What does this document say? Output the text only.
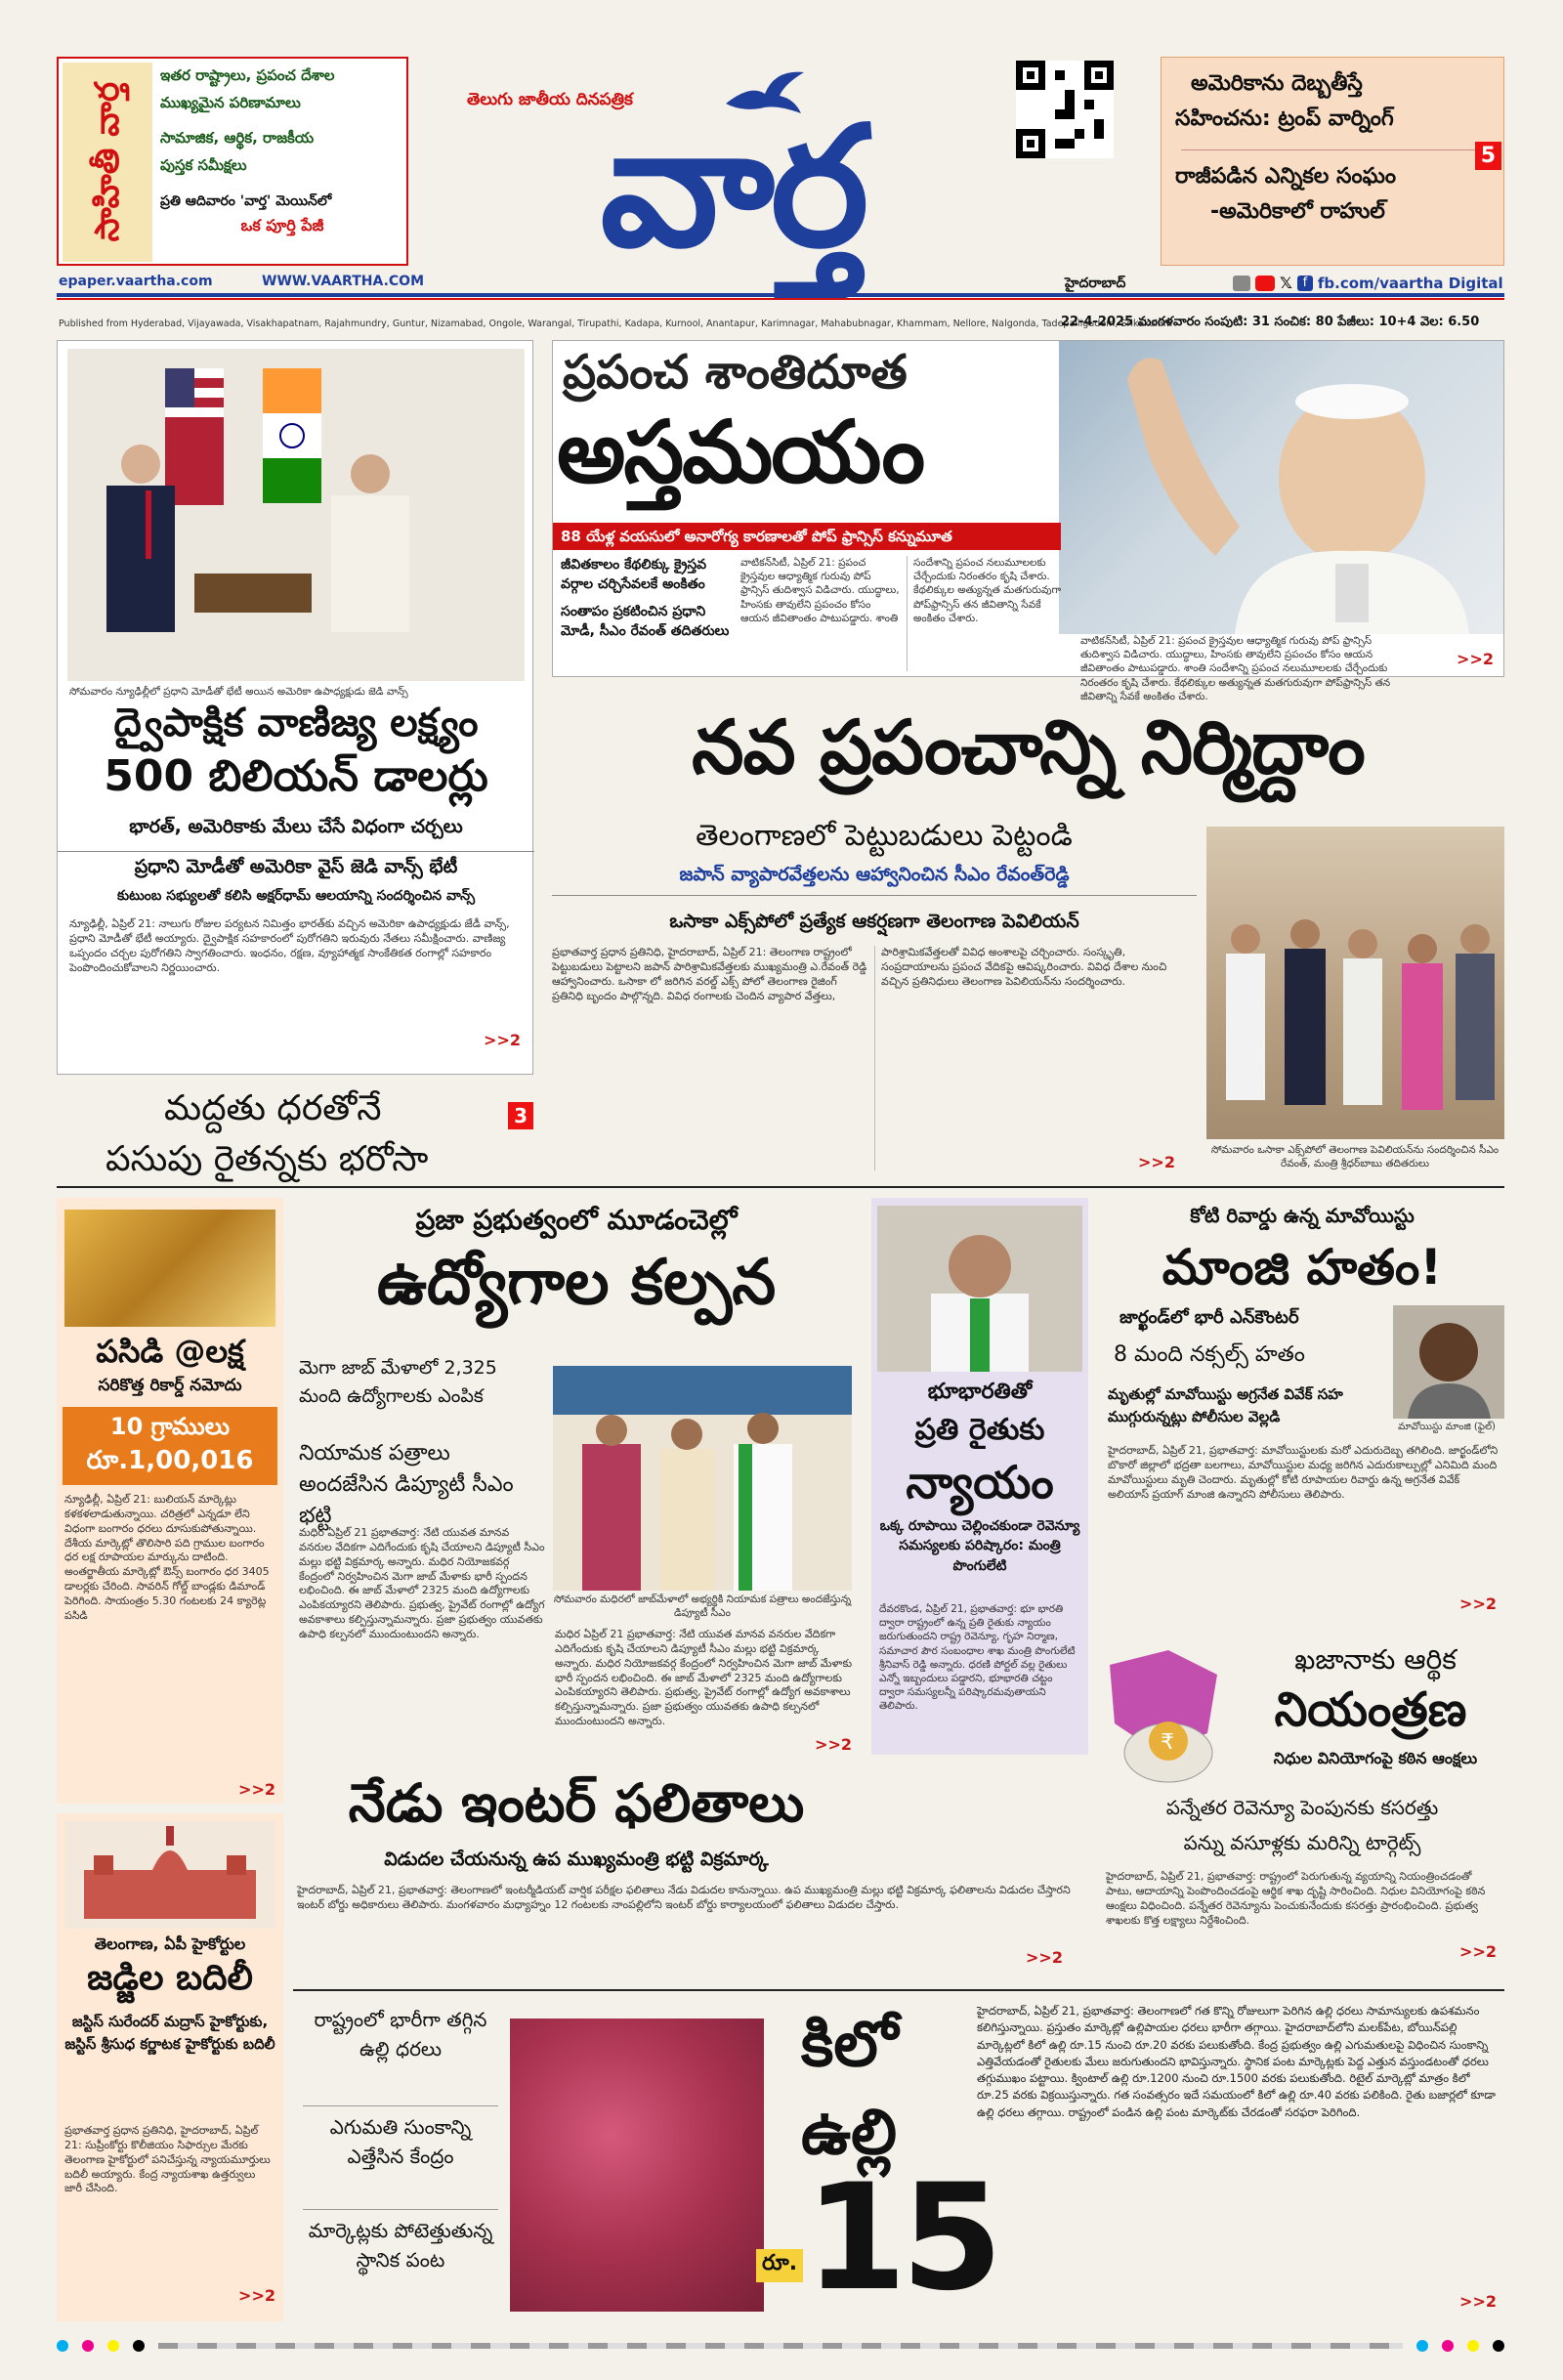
సాహితీ వార్త
ఇతర రాష్ట్రాలు, ప్రపంచ దేశాల
ముఖ్యమైన పరిణామాలు
సామాజిక, ఆర్థిక, రాజకీయ
పుస్తక సమీక్షలు
ప్రతి ఆదివారం 'వార్త' మెయిన్‌లో
ఒక పూర్తి పేజీ
epaper.vaartha.com	WWW.VAARTHA.COM
తెలుగు జాతీయ దినపత్రిక
వార్త
అమెరికాను దెబ్బతీస్తే
సహించను: ట్రంప్ వార్నింగ్
రాజీపడిన ఎన్నికల సంఘం
-అమెరికాలో రాహుల్
5
హైదరాబాద్	𝕏 f fb.com/vaartha Digital
Published from Hyderabad, Vijayawada, Visakhapatnam, Rajahmundry, Guntur, Nizamabad, Ongole, Warangal, Tirupathi, Kadapa, Kurnool, Anantapur, Karimnagar, Mahabubnagar, Khammam, Nellore, Nalgonda, Tadepalligudem, Srikakulam
22-4-2025 మంగళవారం సంపుటి: 31 సంచిక: 80 పేజీలు: 10+4 వెల: 6.50
ప్రపంచ శాంతిదూత
అస్తమయం
88 యేళ్ల వయసులో అనారోగ్య కారణాలతో పోప్ ఫ్రాన్సిస్ కన్నుమూత
జీవితకాలం కేథలిక్కు క్రైస్తవ వర్గాల చర్చిసేవలకే అంకితం
సంతాపం ప్రకటించిన ప్రధాని మోడీ, సీఎం రేవంత్ తదితరులు
వాటికన్‌సిటీ, ఏప్రిల్ 21: ప్రపంచ క్రైస్తవుల ఆధ్యాత్మిక గురువు పోప్ ఫ్రాన్సిస్ తుదిశ్వాస విడిచారు. యుద్ధాలు, హింసకు తావులేని ప్రపంచం కోసం ఆయన జీవితాంతం పాటుపడ్డారు. శాంతి సందేశాన్ని ప్రపంచ నలుమూలలకు చేర్చేందుకు నిరంతరం కృషి చేశారు. కేథలిక్కుల అత్యున్నత మతగురువుగా పోప్‌ఫ్రాన్సిస్ తన జీవితాన్ని సేవకే అంకితం చేశారు.
వాటికన్‌సిటీ, ఏప్రిల్ 21: ప్రపంచ క్రైస్తవుల ఆధ్యాత్మిక గురువు పోప్ ఫ్రాన్సిస్ తుదిశ్వాస విడిచారు. యుద్ధాలు, హింసకు తావులేని ప్రపంచం కోసం ఆయన జీవితాంతం పాటుపడ్డారు. శాంతి సందేశాన్ని ప్రపంచ నలుమూలలకు చేర్చేందుకు నిరంతరం కృషి చేశారు. కేథలిక్కుల అత్యున్నత మతగురువుగా పోప్‌ఫ్రాన్సిస్ తన జీవితాన్ని సేవకే అంకితం చేశారు.
>>2
సోమవారం న్యూఢిల్లీలో ప్రధాని మోడీతో భేటీ అయిన అమెరికా ఉపాధ్యక్షుడు జెడి వాన్స్
ద్వైపాక్షిక వాణిజ్య లక్ష్యం
500 బిలియన్ డాలర్లు
భారత్, అమెరికాకు మేలు చేసే విధంగా చర్చలు
ప్రధాని మోడీతో అమెరికా వైస్ జెడి వాన్స్ భేటీ
కుటుంబ సభ్యులతో కలిసి అక్షర్‌ధామ్ ఆలయాన్ని సందర్శించిన వాన్స్
న్యూఢిల్లీ, ఏప్రిల్ 21: నాలుగు రోజుల పర్యటన నిమిత్తం భారత్‌కు వచ్చిన అమెరికా ఉపాధ్యక్షుడు జేడీ వాన్స్, ప్రధాని మోడీతో భేటీ అయ్యారు. ద్వైపాక్షిక సహకారంలో పురోగతిని ఇరువురు నేతలు సమీక్షించారు. వాణిజ్య ఒప్పందం చర్చల పురోగతిని స్వాగతించారు. ఇంధనం, రక్షణ, వ్యూహాత్మక సాంకేతికత రంగాల్లో సహకారం పెంపొందించుకోవాలని నిర్ణయించారు.
>>2
మద్దతు ధరతోనే
పసుపు రైతన్నకు భరోసా
3
నవ ప్రపంచాన్ని నిర్మిద్దాం
తెలంగాణలో పెట్టుబడులు పెట్టండి
జపాన్ వ్యాపారవేత్తలను ఆహ్వానించిన సీఎం రేవంత్‌రెడ్డి
ఒసాకా ఎక్స్‌పోలో ప్రత్యేక ఆకర్షణగా తెలంగాణ పెవిలియన్
ప్రభాతవార్త ప్రధాన ప్రతినిధి, హైదరాబాద్, ఏప్రిల్ 21: తెలంగాణ రాష్ట్రంలో పెట్టుబడులు పెట్టాలని జపాన్ పారిశ్రామికవేత్తలకు ముఖ్యమంత్రి ఎ.రేవంత్ రెడ్డి ఆహ్వానించారు. ఒసాకా లో జరిగిన వరల్డ్ ఎక్స్ పోలో తెలంగాణ రైజింగ్ ప్రతినిధి బృందం పాల్గొన్నది. వివిధ రంగాలకు చెందిన వ్యాపార వేత్తలు, పారిశ్రామికవేత్తలతో వివిధ అంశాలపై చర్చించారు. సంస్కృతి, సంప్రదాయాలను ప్రపంచ వేదికపై ఆవిష్కరించారు. వివిధ దేశాల నుంచి వచ్చిన ప్రతినిధులు తెలంగాణ పెవిలియన్‌ను సందర్శించారు.
సోమవారం ఒసాకా ఎక్స్‌పోలో తెలంగాణ పెవిలియన్‌ను సందర్శించిన సీఎం రేవంత్, మంత్రి శ్రీధర్‌బాబు తదితరులు
>>2
పసిడి @లక్ష
సరికొత్త రికార్డ్ నమోదు
10 గ్రాములు
రూ.1,00,016
న్యూఢిల్లీ, ఏప్రిల్ 21: బులియన్ మార్కెట్లు కళకళలాడుతున్నాయి. చరిత్రలో ఎన్నడూ లేని విధంగా బంగారం ధరలు దూసుకుపోతున్నాయి. దేశీయ మార్కెట్లో తొలిసారి పది గ్రాముల బంగారం ధర లక్ష రూపాయల మార్కును దాటింది. అంతర్జాతీయ మార్కెట్లో ఔన్స్ బంగారం ధర 3405 డాలర్లకు చేరింది. సావరిన్ గోల్డ్ బాండ్లకు డిమాండ్ పెరిగింది. సాయంత్రం 5.30 గంటలకు 24 క్యారెట్ల పసిడి
>>2
తెలంగాణ, ఏపీ హైకోర్టుల
జడ్జిల బదిలీ
జస్టిస్ సురేందర్ మద్రాస్ హైకోర్టుకు, జస్టిస్ శ్రీసుధ కర్ణాటక హైకోర్టుకు బదిలీ
ప్రభాతవార్త ప్రధాన ప్రతినిధి, హైదరాబాద్, ఏప్రిల్ 21: సుప్రీంకోర్టు కొలీజియం సిఫార్సుల మేరకు తెలంగాణ హైకోర్టులో పనిచేస్తున్న న్యాయమూర్తులు బదిలీ అయ్యారు. కేంద్ర న్యాయశాఖ ఉత్తర్వులు జారీ చేసింది.
>>2
ప్రజా ప్రభుత్వంలో మూడంచెల్లో
ఉద్యోగాల కల్పన
మెగా జాబ్ మేళాలో 2,325 మంది ఉద్యోగాలకు ఎంపిక
నియామక పత్రాలు అందజేసిన డిప్యూటీ సీఎం భట్టి
సోమవారం మధిరలో జాబ్‌మేళాలో అభ్యర్థికి నియామక పత్రాలు అందజేస్తున్న డిప్యూటీ సీఎం
మధిర ఏప్రిల్ 21 ప్రభాతవార్త: నేటి యువత మానవ వనరుల వేదికగా ఎదిగేందుకు కృషి చేయాలని డిప్యూటీ సీఎం మల్లు భట్టి విక్రమార్క అన్నారు. మధిర నియోజకవర్గ కేంద్రంలో నిర్వహించిన మెగా జాబ్ మేళాకు భారీ స్పందన లభించింది. ఈ జాబ్ మేళాలో 2325 మంది ఉద్యోగాలకు ఎంపికయ్యారని తెలిపారు. ప్రభుత్వ, ప్రైవేట్ రంగాల్లో ఉద్యోగ అవకాశాలు కల్పిస్తున్నామన్నారు. ప్రజా ప్రభుత్వం యువతకు ఉపాధి కల్పనలో ముందుంటుందని అన్నారు.	మధిర ఏప్రిల్ 21 ప్రభాతవార్త: నేటి యువత మానవ వనరుల వేదికగా ఎదిగేందుకు కృషి చేయాలని డిప్యూటీ సీఎం మల్లు భట్టి విక్రమార్క అన్నారు. మధిర నియోజకవర్గ కేంద్రంలో నిర్వహించిన మెగా జాబ్ మేళాకు భారీ స్పందన లభించింది. ఈ జాబ్ మేళాలో 2325 మంది ఉద్యోగాలకు ఎంపికయ్యారని తెలిపారు. ప్రభుత్వ, ప్రైవేట్ రంగాల్లో ఉద్యోగ అవకాశాలు కల్పిస్తున్నామన్నారు. ప్రజా ప్రభుత్వం యువతకు ఉపాధి కల్పనలో ముందుంటుందని అన్నారు.
>>2
భూభారతితో
ప్రతి రైతుకు
న్యాయం
ఒక్క రూపాయి చెల్లించకుండా రెవెన్యూ సమస్యలకు పరిష్కారం: మంత్రి పొంగులేటి
దేవరకొండ, ఏప్రిల్ 21, ప్రభాతవార్త: భూ భారతి ద్వారా రాష్ట్రంలో ఉన్న ప్రతి రైతుకు న్యాయం జరుగుతుందని రాష్ట్ర రెవెన్యూ, గృహ నిర్మాణ, సమాచార పౌర సంబంధాల శాఖ మంత్రి పొంగులేటి శ్రీనివాస్ రెడ్డి అన్నారు. ధరణి పోర్టల్ వల్ల రైతులు ఎన్నో ఇబ్బందులు పడ్డారని, భూభారతి చట్టం ద్వారా సమస్యలన్నీ పరిష్కారమవుతాయని తెలిపారు.
కోటి రివార్డు ఉన్న మావోయిస్టు
మాంజి హతం!
జార్ఖండ్‌లో భారీ ఎన్‌కౌంటర్
8 మంది నక్సల్స్ హతం
మృతుల్లో మావోయిస్టు అగ్రనేత వివేక్ సహ ముగ్గురున్నట్లు పోలీసుల వెల్లడి
మావోయిస్టు మాంజి (ఫైల్)
హైదరాబాద్, ఏప్రిల్ 21, ప్రభాతవార్త: మావోయిస్టులకు మరో ఎదురుదెబ్బ తగిలింది. జార్ఖండ్‌లోని బొకారో జిల్లాలో భద్రతా బలగాలు, మావోయిస్టుల మధ్య జరిగిన ఎదురుకాల్పుల్లో ఎనిమిది మంది మావోయిస్టులు మృతి చెందారు. మృతుల్లో కోటి రూపాయల రివార్డు ఉన్న అగ్రనేత వివేక్ అలియాస్ ప్రయాగ్ మాంజి ఉన్నారని పోలీసులు తెలిపారు.
>>2
₹
ఖజానాకు ఆర్థిక
నియంత్రణ
నిధుల వినియోగంపై కఠిన ఆంక్షలు
పన్నేతర రెవెన్యూ పెంపునకు కసరత్తు
పన్ను వసూళ్లకు మరిన్ని టార్గెట్స్
హైదరాబాద్, ఏప్రిల్ 21, ప్రభాతవార్త: రాష్ట్రంలో పెరుగుతున్న వ్యయాన్ని నియంత్రించడంతో పాటు, ఆదాయాన్ని పెంపొందించడంపై ఆర్థిక శాఖ దృష్టి సారించింది. నిధుల వినియోగంపై కఠిన ఆంక్షలు విధించింది. పన్నేతర రెవెన్యూను పెంచుకునేందుకు కసరత్తు ప్రారంభించింది. ప్రభుత్వ శాఖలకు కొత్త లక్ష్యాలు నిర్దేశించింది.
>>2
నేడు ఇంటర్ ఫలితాలు
విడుదల చేయనున్న ఉప ముఖ్యమంత్రి భట్టి విక్రమార్క
హైదరాబాద్, ఏప్రిల్ 21, ప్రభాతవార్త: తెలంగాణలో ఇంటర్మీడియట్ వార్షిక పరీక్షల ఫలితాలు నేడు విడుదల కానున్నాయి. ఉప ముఖ్యమంత్రి మల్లు భట్టి విక్రమార్క ఫలితాలను విడుదల చేస్తారని ఇంటర్ బోర్డు అధికారులు తెలిపారు. మంగళవారం మధ్యాహ్నం 12 గంటలకు నాంపల్లిలోని ఇంటర్ బోర్డు కార్యాలయంలో ఫలితాలు విడుదల చేస్తారు.
>>2
రాష్ట్రంలో భారీగా తగ్గిన ఉల్లి ధరలు
ఎగుమతి సుంకాన్ని ఎత్తేసిన కేంద్రం
మార్కెట్లకు పోటెత్తుతున్న స్థానిక పంట
కిలో
ఉల్లి
రూ. 15
హైదరాబాద్, ఏప్రిల్ 21, ప్రభాతవార్త: తెలంగాణలో గత కొన్ని రోజులుగా పెరిగిన ఉల్లి ధరలు సామాన్యులకు ఉపశమనం కలిగిస్తున్నాయి. ప్రస్తుతం మార్కెట్లో ఉల్లిపాయల ధరలు భారీగా తగ్గాయి. హైదరాబాద్‌లోని మలక్‌పేట, బోయిన్‌పల్లి మార్కెట్లలో కిలో ఉల్లి రూ.15 నుంచి రూ.20 వరకు పలుకుతోంది. కేంద్ర ప్రభుత్వం ఉల్లి ఎగుమతులపై విధించిన సుంకాన్ని ఎత్తివేయడంతో రైతులకు మేలు జరుగుతుందని భావిస్తున్నారు. స్థానిక పంట మార్కెట్లకు పెద్ద ఎత్తున వస్తుండటంతో ధరలు తగ్గుముఖం పట్టాయి. క్వింటాల్ ఉల్లి రూ.1200 నుంచి రూ.1500 వరకు పలుకుతోంది. రిటైల్ మార్కెట్లో మాత్రం కిలో రూ.25 వరకు విక్రయిస్తున్నారు. గత సంవత్సరం ఇదే సమయంలో కిలో ఉల్లి రూ.40 వరకు పలికింది. రైతు బజార్లలో కూడా ఉల్లి ధరలు తగ్గాయి. రాష్ట్రంలో పండిన ఉల్లి పంట మార్కెట్‌కు చేరడంతో సరఫరా పెరిగింది.
>>2
